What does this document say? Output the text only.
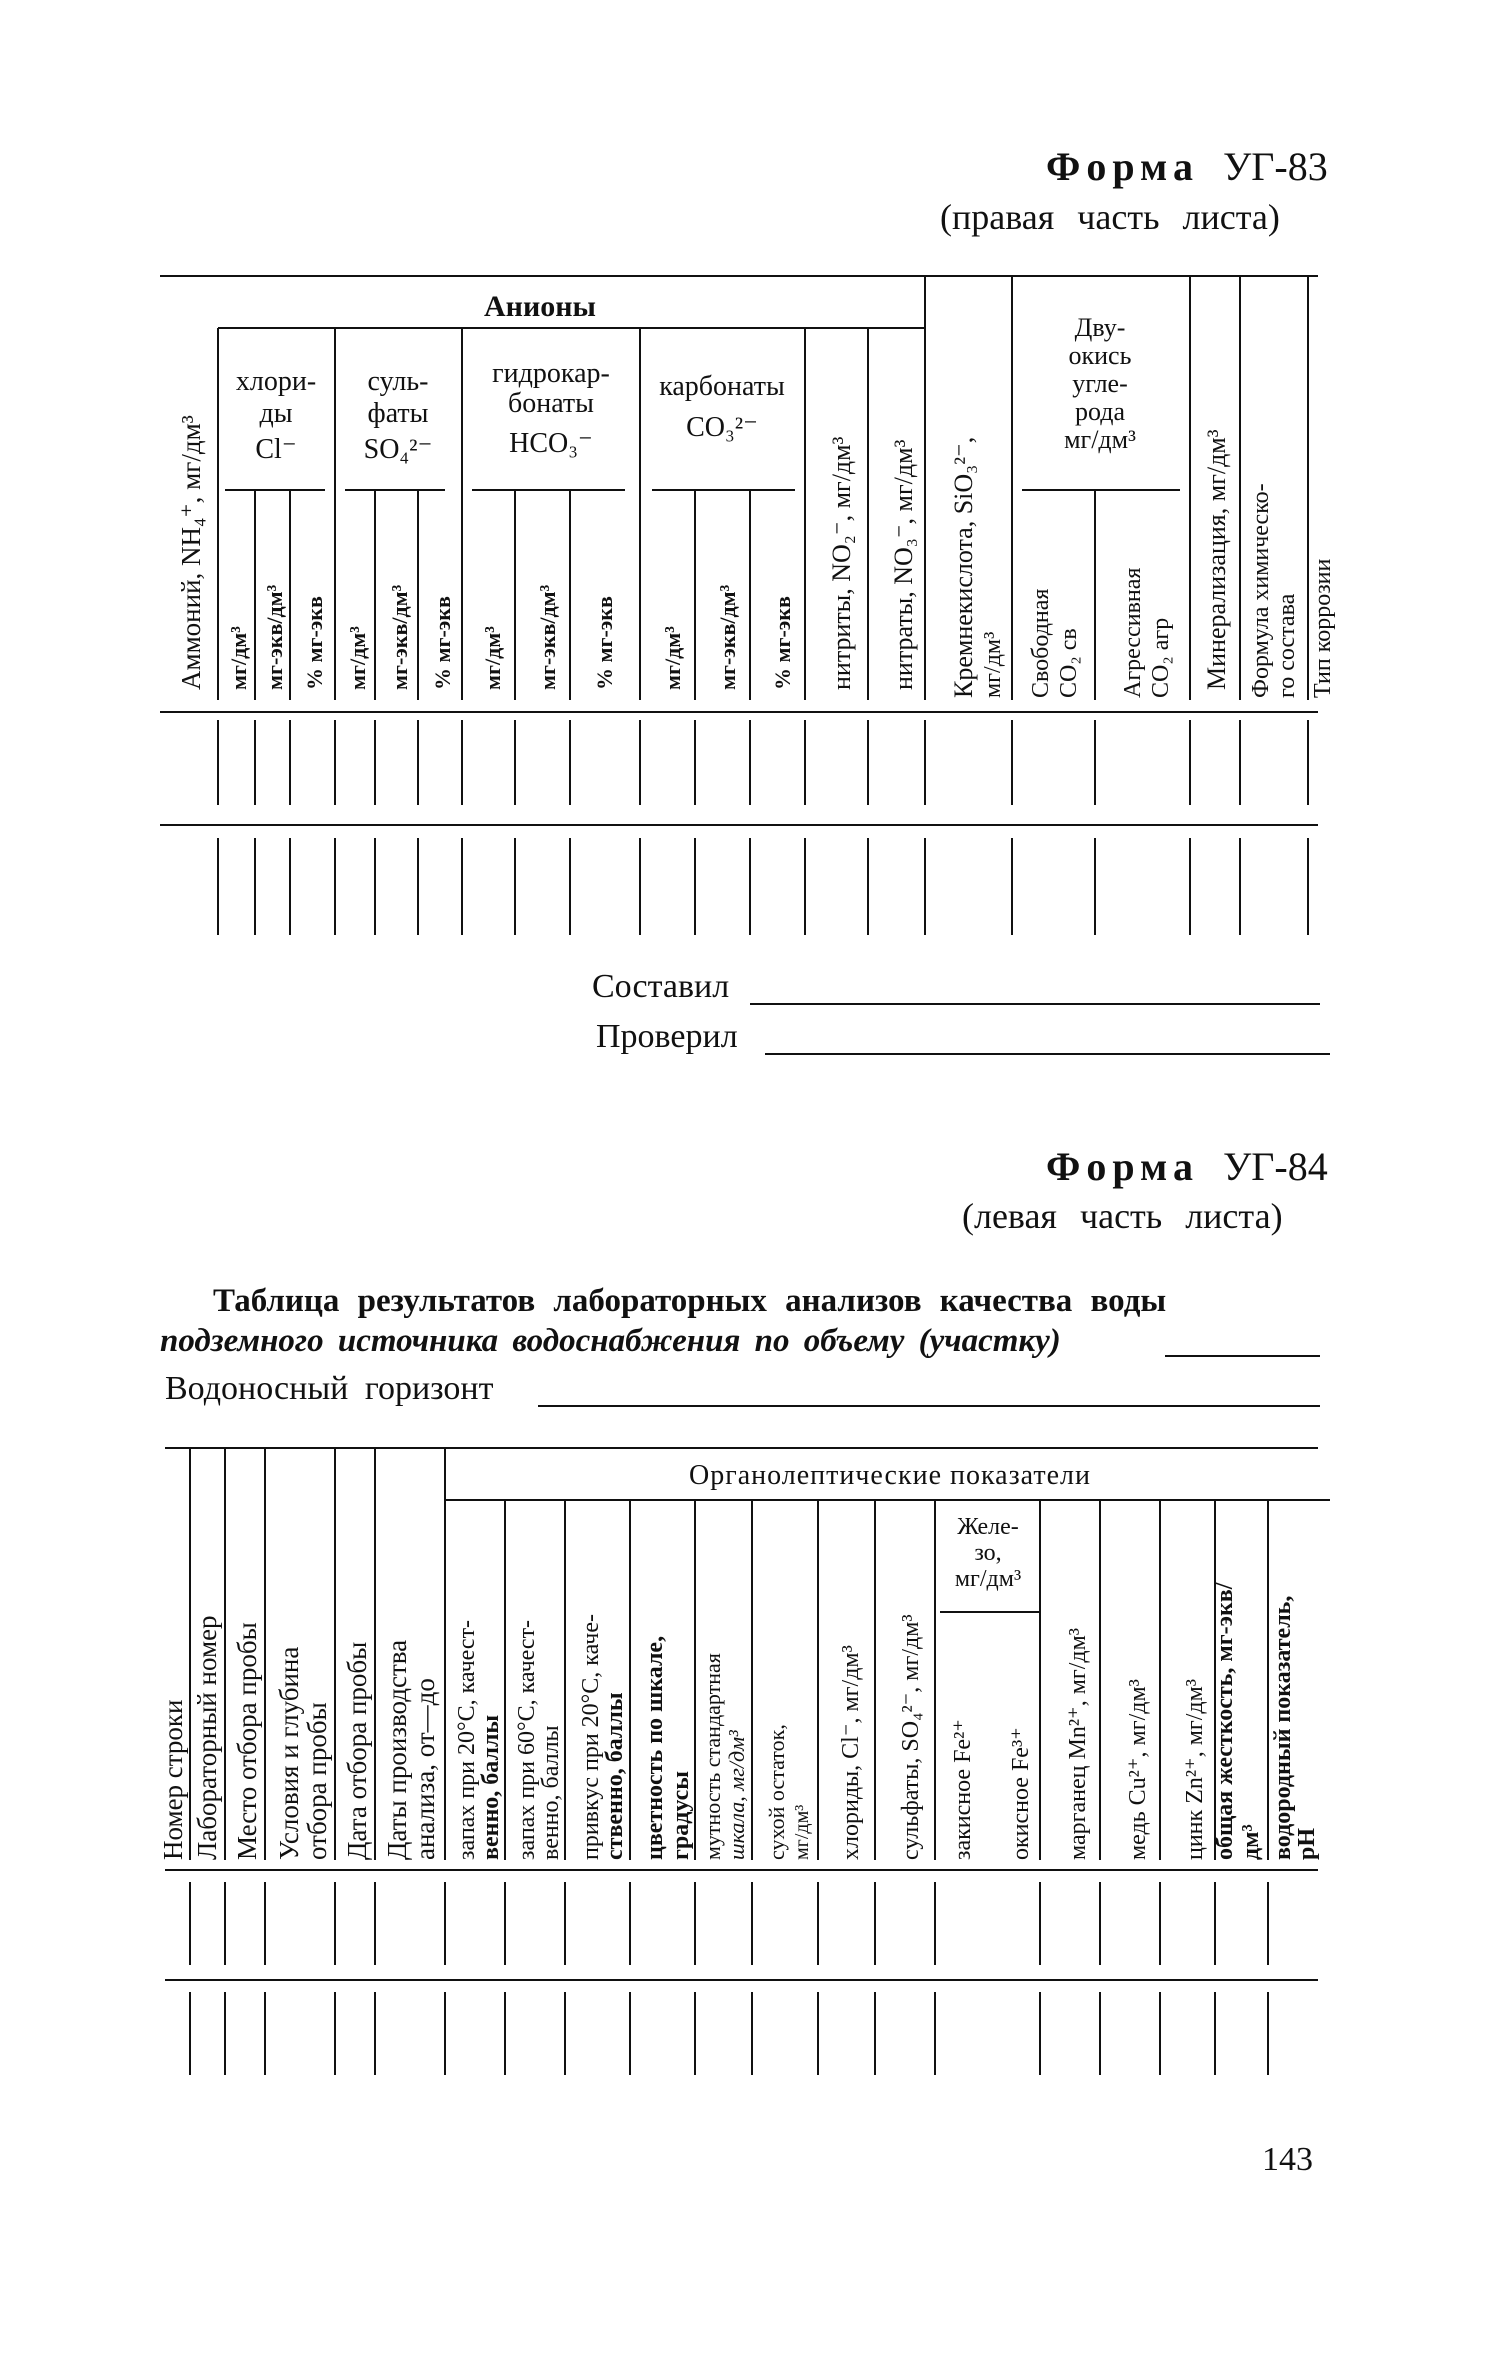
Форма УГ-83
(правая часть листа)
Анионы
Аммоний, NH₄⁺, мг/дм³
хлори-
ды
Cl⁻
суль-
фаты
SO₄²⁻
гидрокар-
бонаты
HCO₃⁻
карбонаты
CO₃²⁻
мг/дм³ мг-экв/дм³ % мг-экв мг/дм³ мг-экв/дм³ % мг-экв мг/дм³ мг-экв/дм³ % мг-экв мг/дм³ мг-экв/дм³ % мг-экв нитриты, NO₂⁻, мг/дм³ нитраты, NO₃⁻, мг/дм³ Кремнекислота, SiO₃²⁻, мг/дм³
Дву-
окись
угле-
рода
мг/дм³
Свободная CO₂ св Агрессивная CO₂ агр Минерализация, мг/дм³ Формула химическо- го состава Тип коррозии
Составил
Проверил
Форма УГ-84
(левая часть листа)
Таблица результатов лабораторных анализов качества воды
подземного источника водоснабжения по объему (участку)
Водоносный горизонт
Органолептические показатели
Номер строки Лабораторный номер Место отбора пробы Условия и глубина
отбора пробы Дата отбора пробы Даты производства
анализа, от—до запах при 20°С, качест-
венно, баллы запах при 60°С, качест-
венно, баллы привкус при 20°С, каче-
ственно, баллы цветность по шкале, градусы мутность стандартная шкала, мг/дм³ сухой остаток, мг/дм³ хлориды, Cl⁻, мг/дм³ сульфаты, SO₄²⁻, мг/дм³
Желе-
зо,
мг/дм³
закисное Fe²⁺ окисное Fe³⁺ марганец Mn²⁺, мг/дм³ медь Cu²⁺, мг/дм³ цинк Zn²⁺, мг/дм³ общая жесткость, мг-экв/ дм³ водородный показатель,
pH
143
